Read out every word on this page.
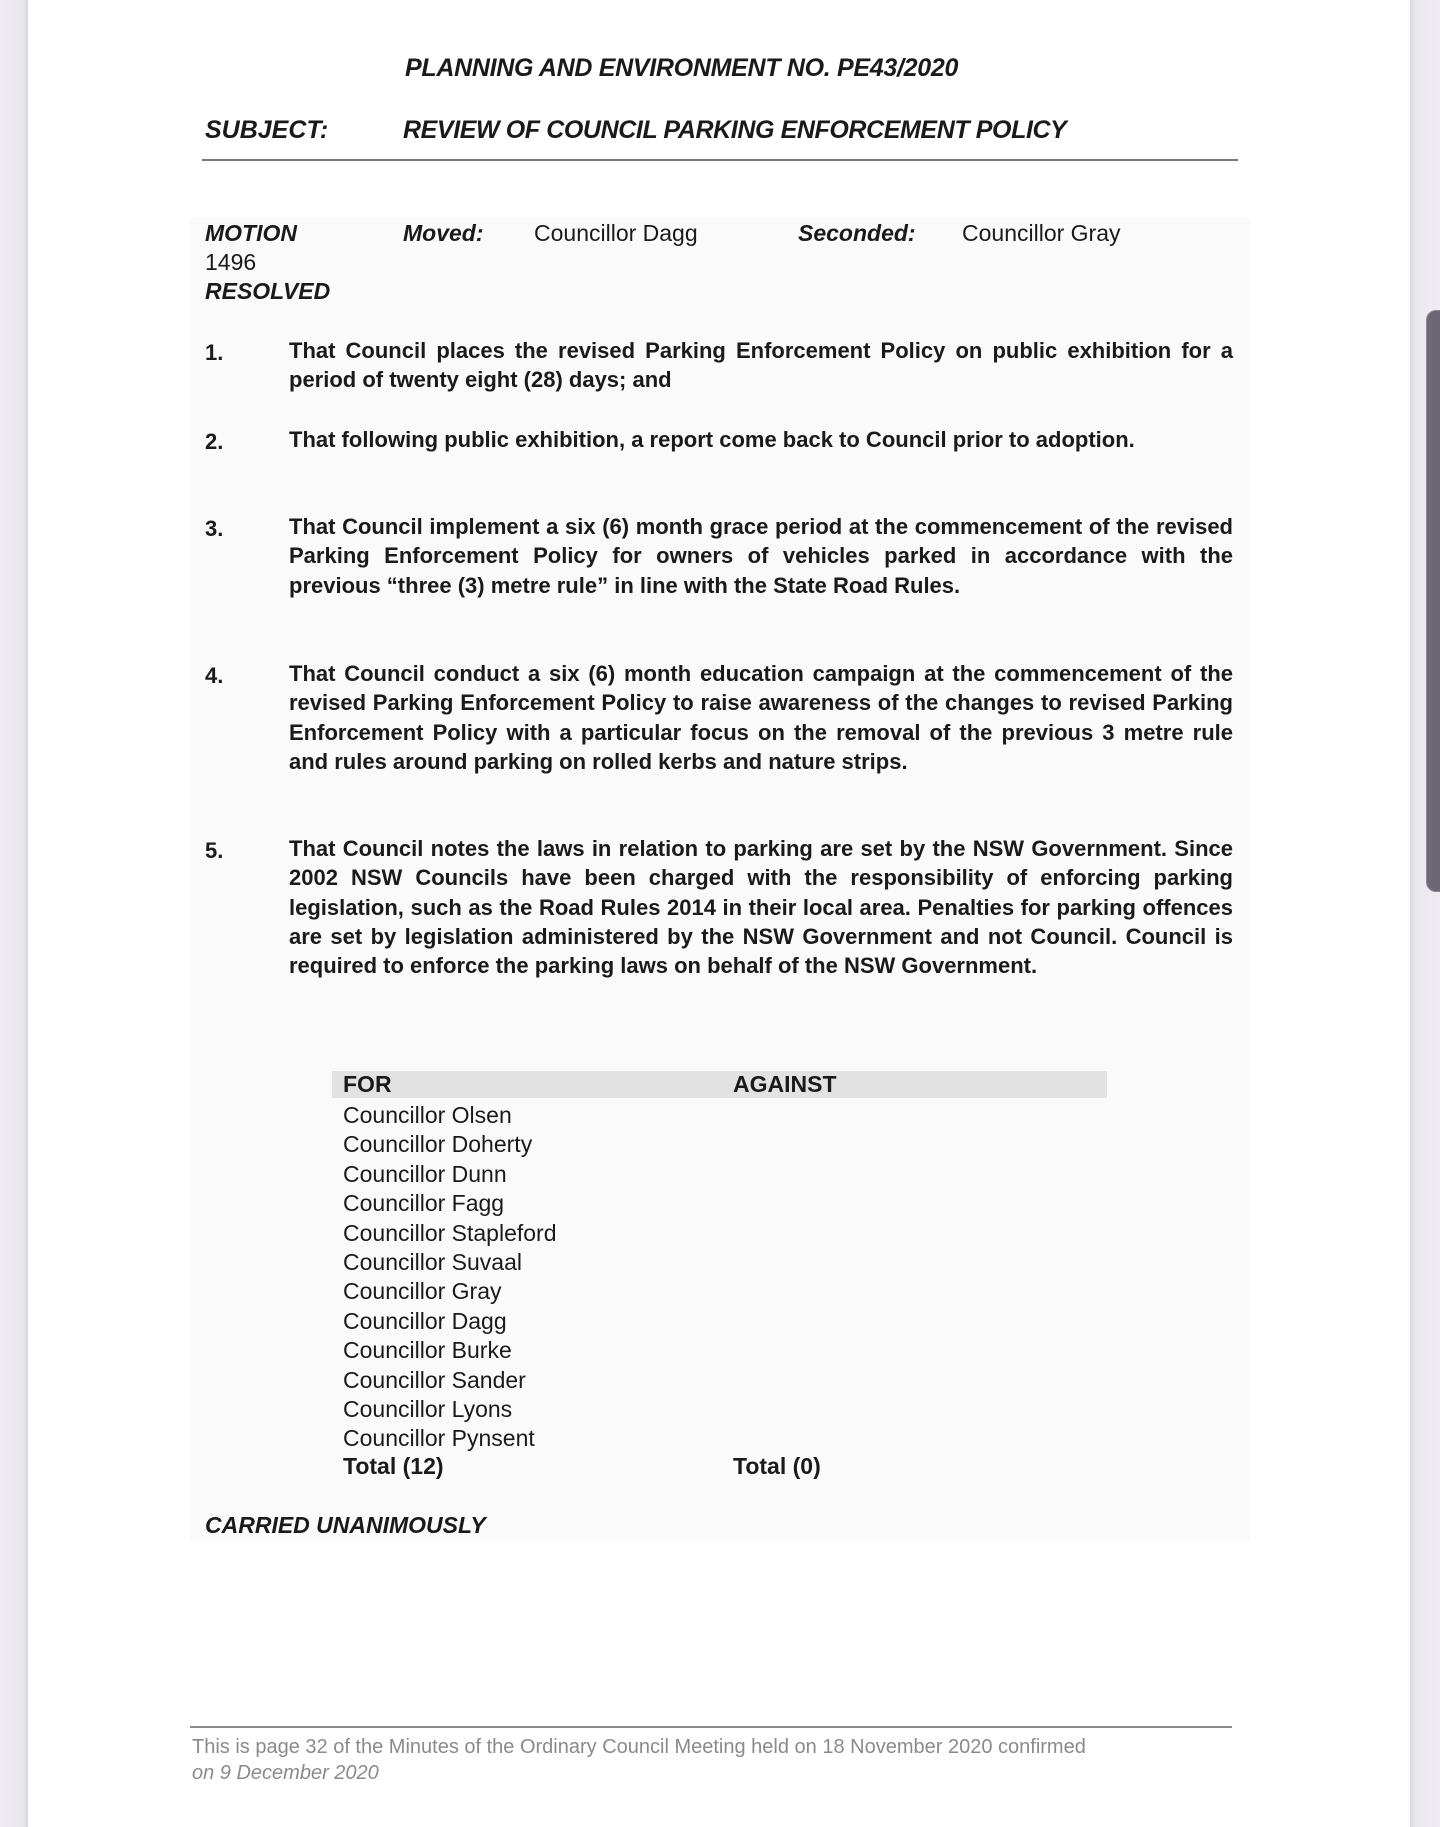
PLANNING AND ENVIRONMENT NO. PE43/2020
SUBJECT:	REVIEW OF COUNCIL PARKING ENFORCEMENT POLICY
MOTION
1496
RESOLVED
Moved: Councillor Dagg	Seconded: Councillor Gray
1.	That Council places the revised Parking Enforcement Policy on public exhibition for a period of twenty eight (28) days; and
2.	That following public exhibition, a report come back to Council prior to adoption.
3.	That Council implement a six (6) month grace period at the commencement of the revised Parking Enforcement Policy for owners of vehicles parked in accordance with the previous “three (3) metre rule” in line with the State Road Rules.
4.	That Council conduct a six (6) month education campaign at the commencement of the revised Parking Enforcement Policy to raise awareness of the changes to revised Parking Enforcement Policy with a particular focus on the removal of the previous 3 metre rule and rules around parking on rolled kerbs and nature strips.
5.	That Council notes the laws in relation to parking are set by the NSW Government. Since 2002 NSW Councils have been charged with the responsibility of enforcing parking legislation, such as the Road Rules 2014 in their local area. Penalties for parking offences are set by legislation administered by the NSW Government and not Council. Council is required to enforce the parking laws on behalf of the NSW Government.
FOR	AGAINST
Councillor Olsen
Councillor Doherty
Councillor Dunn
Councillor Fagg
Councillor Stapleford
Councillor Suvaal
Councillor Gray
Councillor Dagg
Councillor Burke
Councillor Sander
Councillor Lyons
Councillor Pynsent
Total (12)	Total (0)
CARRIED UNANIMOUSLY
This is page 32 of the Minutes of the Ordinary Council Meeting held on 18 November 2020 confirmed
on 9 December 2020
